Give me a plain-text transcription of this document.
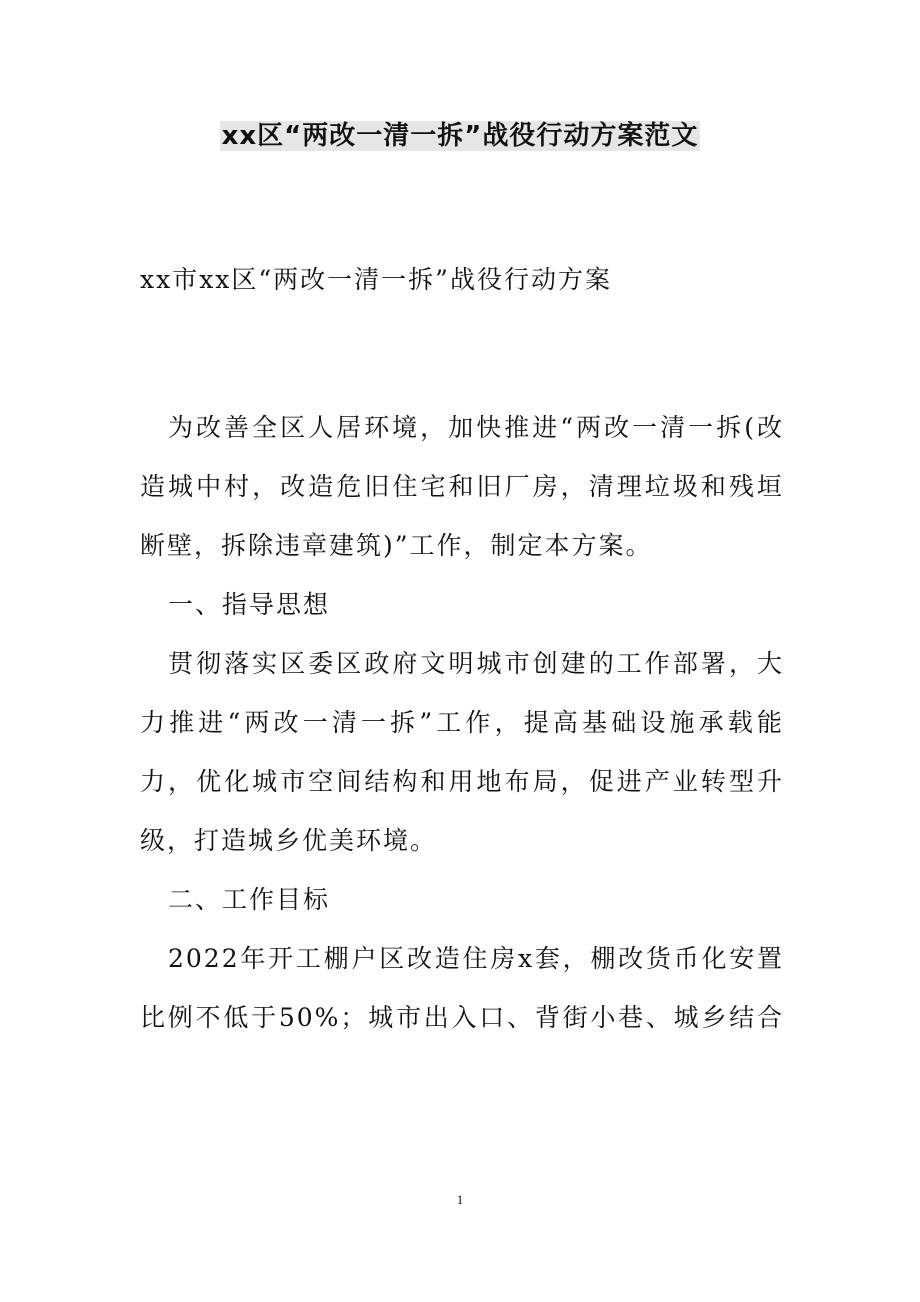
xx区“两改一清一拆”战役行动方案范文
xx市xx区“两改一清一拆”战役行动方案
为改善全区人居环境，加快推进“两改一清一拆(改
造城中村，改造危旧住宅和旧厂房，清理垃圾和残垣
断壁，拆除违章建筑)”工作，制定本方案。
一、指导思想
贯彻落实区委区政府文明城市创建的工作部署，大
力推进“两改一清一拆”工作，提高基础设施承载能
力，优化城市空间结构和用地布局，促进产业转型升
级，打造城乡优美环境。
二、工作目标
2022年开工棚户区改造住房x套，棚改货币化安置
比例不低于50%；城市出入口、背街小巷、城乡结合
1
